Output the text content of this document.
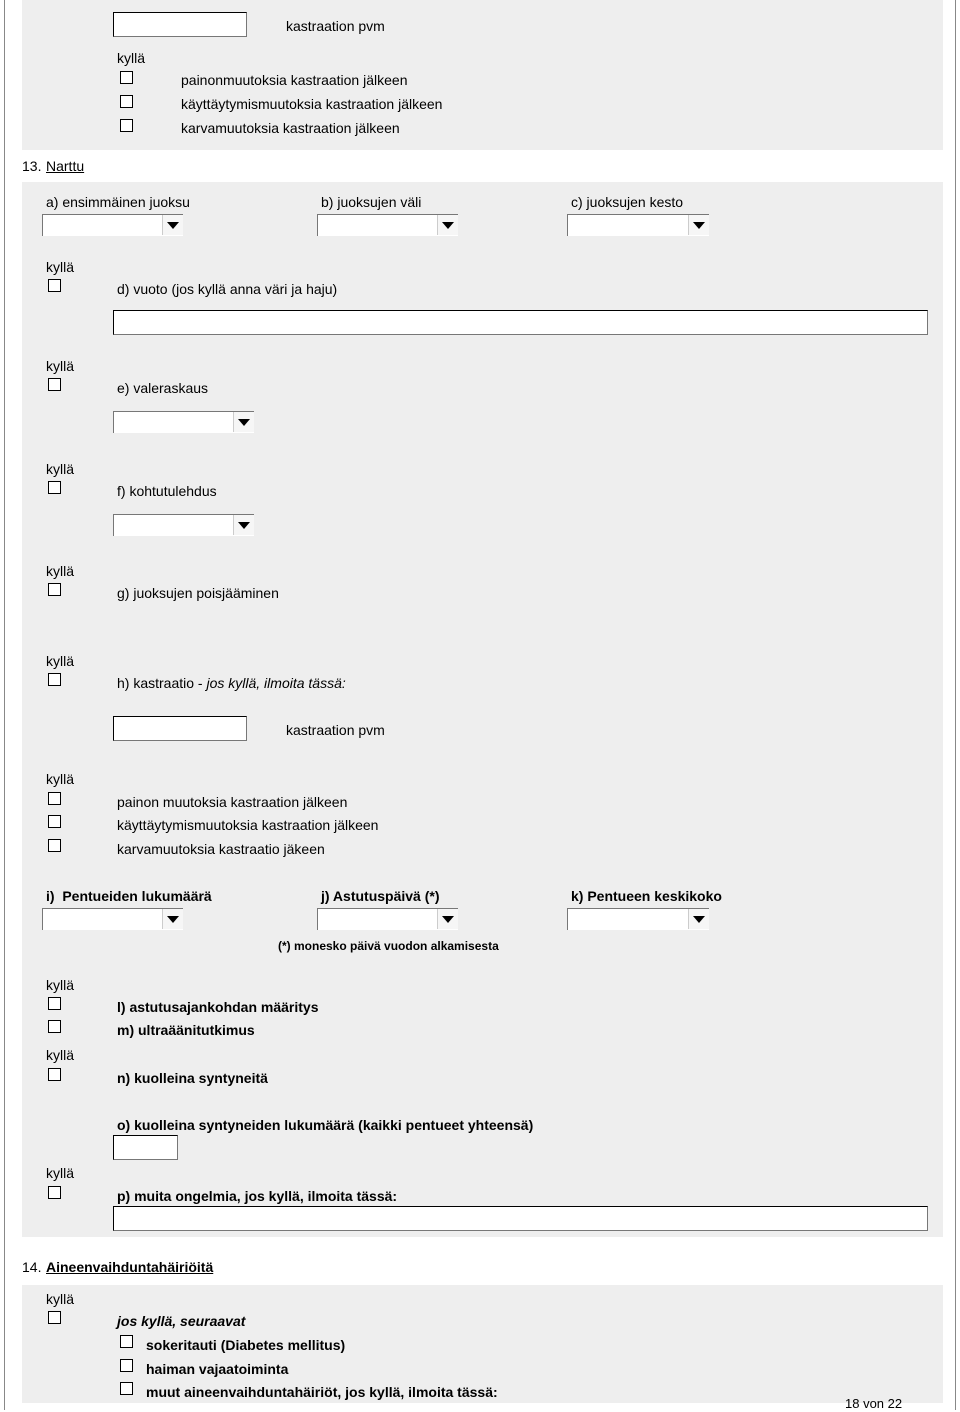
kastraation pvm
kyllä
painonmuutoksia kastraation jälkeen
käyttäytymismuutoksia kastraation jälkeen
karvamuutoksia kastraation jälkeen
13. Narttu
a) ensimmäinen juoksu	b) juoksujen väli	c) juoksujen kesto
kyllä
d) vuoto (jos kyllä anna väri ja haju)
kyllä
e) valeraskaus
kyllä
f) kohtutulehdus
kyllä
g) juoksujen poisjääminen
kyllä
h) kastraatio - jos kyllä, ilmoita tässä:
kastraation pvm
kyllä
painon muutoksia kastraation jälkeen
käyttäytymismuutoksia kastraation jälkeen
karvamuutoksia kastraatio jäkeen
i)  Pentueiden lukumäärä	j) Astutuspäivä (*)	k) Pentueen keskikoko
(*) monesko päivä vuodon alkamisesta
kyllä
l) astutusajankohdan määritys
m) ultraäänitutkimus
kyllä
n) kuolleina syntyneitä
o) kuolleina syntyneiden lukumäärä (kaikki pentueet yhteensä)
kyllä
p) muita ongelmia, jos kyllä, ilmoita tässä:
14. Aineenvaihduntahäiriöitä
kyllä
jos kyllä, seuraavat
sokeritauti (Diabetes mellitus)
haiman vajaatoiminta
muut aineenvaihduntahäiriöt, jos kyllä, ilmoita tässä:
18 von 22
